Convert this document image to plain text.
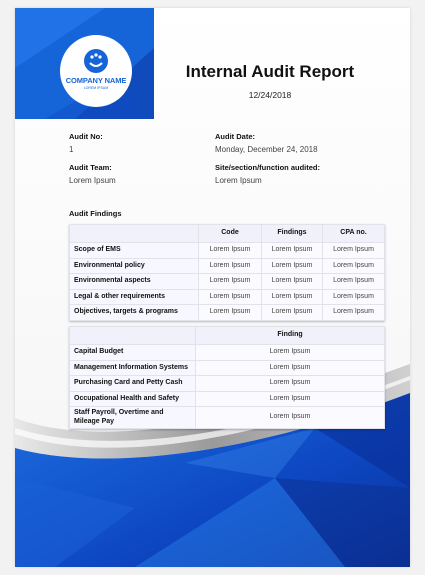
COMPANY NAME
LOREM IPSUM
Internal Audit Report
12/24/2018
Audit No:
1
Audit Date:
Monday, December 24, 2018
Audit Team:
Lorem Ipsum
Site/section/function audited:
Lorem Ipsum
Audit Findings
	Code	Findings	CPA no.
Scope of EMS	Lorem Ipsum	Lorem Ipsum	Lorem Ipsum
Environmental policy	Lorem Ipsum	Lorem Ipsum	Lorem Ipsum
Environmental aspects	Lorem Ipsum	Lorem Ipsum	Lorem Ipsum
Legal & other requirements	Lorem Ipsum	Lorem Ipsum	Lorem Ipsum
Objectives, targets & programs	Lorem Ipsum	Lorem Ipsum	Lorem Ipsum
	Finding
Capital Budget	Lorem Ipsum
Management Information Systems	Lorem Ipsum
Purchasing Card and Petty Cash	Lorem Ipsum
Occupational Health and Safety	Lorem Ipsum
Staff Payroll, Overtime and Mileage Pay	Lorem Ipsum
